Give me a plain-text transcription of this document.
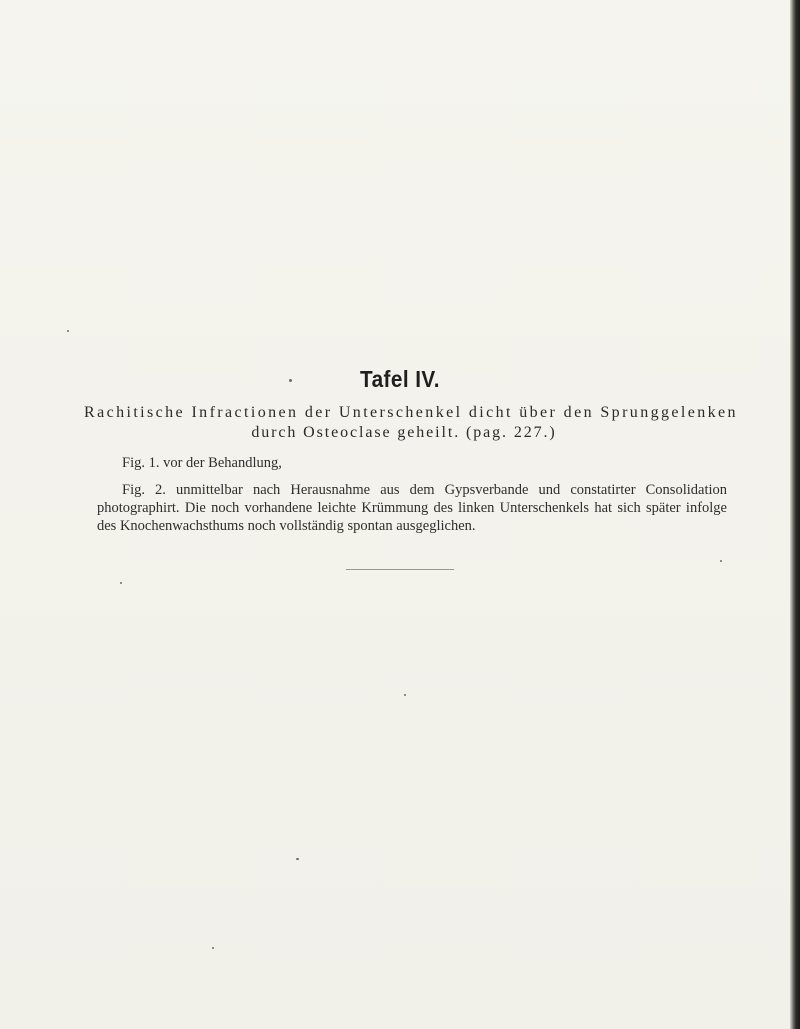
Tafel IV.
Rachitische Infractionen der Unterschenkel dicht über den Sprunggelenken
durch Osteoclase geheilt. (pag. 227.)
Fig. 1. vor der Behandlung,
Fig. 2. unmittelbar nach Herausnahme aus dem Gypsverbande und constatirter Consolidation photographirt. Die noch vorhandene leichte Krümmung des linken Unterschenkels hat sich später infolge des Knochenwachsthums noch vollständig spontan ausgeglichen.
